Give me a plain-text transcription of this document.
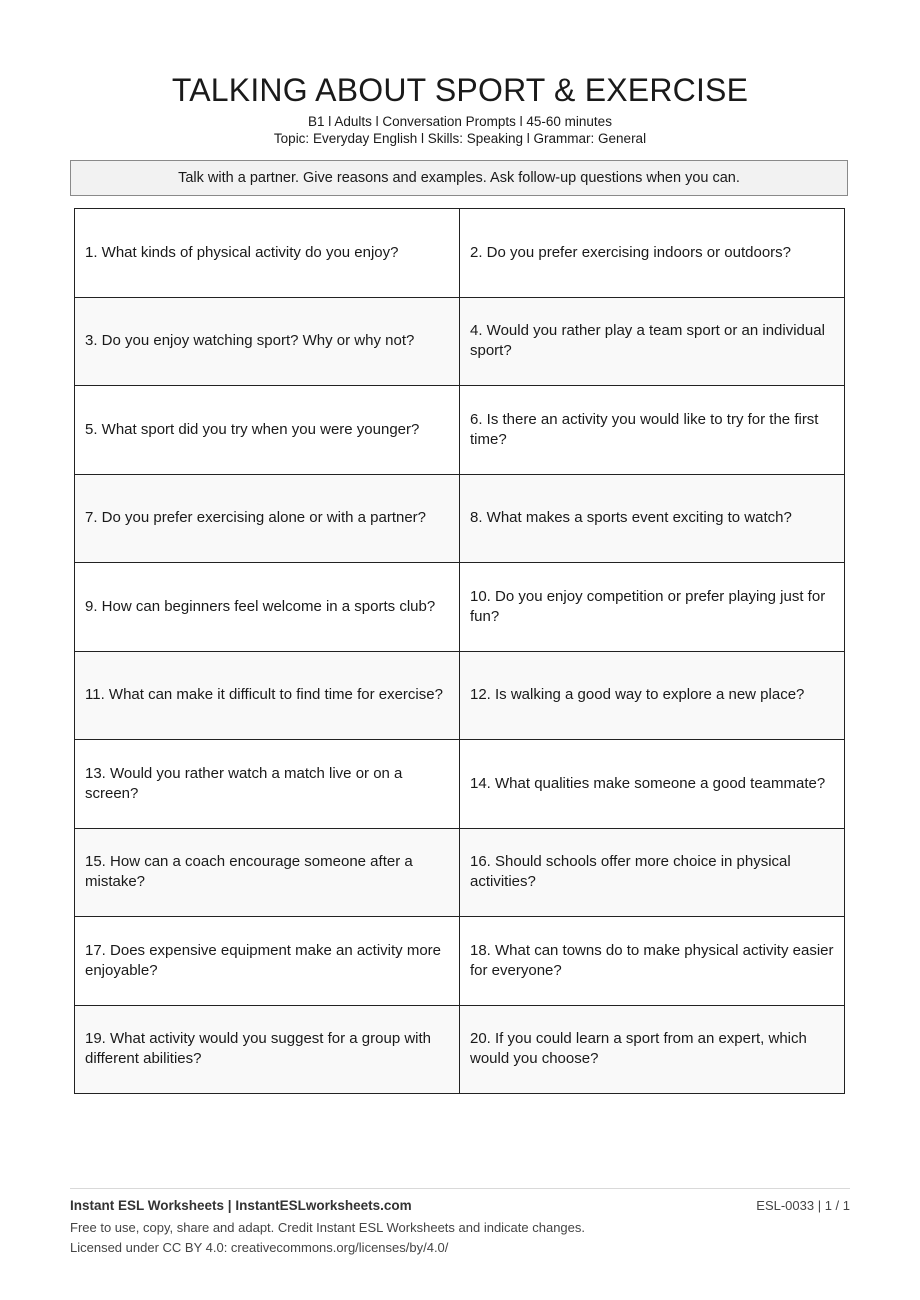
TALKING ABOUT SPORT & EXERCISE
B1 l Adults l Conversation Prompts l 45-60 minutes
Topic: Everyday English l Skills: Speaking l Grammar: General
Talk with a partner. Give reasons and examples. Ask follow-up questions when you can.
1. What kinds of physical activity do you enjoy?	2. Do you prefer exercising indoors or outdoors?
3. Do you enjoy watching sport? Why or why not?	4. Would you rather play a team sport or an individual sport?
5. What sport did you try when you were younger?	6. Is there an activity you would like to try for the first time?
7. Do you prefer exercising alone or with a partner?	8. What makes a sports event exciting to watch?
9. How can beginners feel welcome in a sports club?	10. Do you enjoy competition or prefer playing just for fun?
11. What can make it difficult to find time for exercise?	12. Is walking a good way to explore a new place?
13. Would you rather watch a match live or on a screen?	14. What qualities make someone a good teammate?
15. How can a coach encourage someone after a mistake?	16. Should schools offer more choice in physical activities?
17. Does expensive equipment make an activity more enjoyable?	18. What can towns do to make physical activity easier for everyone?
19. What activity would you suggest for a group with different abilities?	20. If you could learn a sport from an expert, which would you choose?
Instant ESL Worksheets | InstantESLworksheets.com	ESL-0033 | 1 / 1
Free to use, copy, share and adapt. Credit Instant ESL Worksheets and indicate changes.
Licensed under CC BY 4.0: creativecommons.org/licenses/by/4.0/
